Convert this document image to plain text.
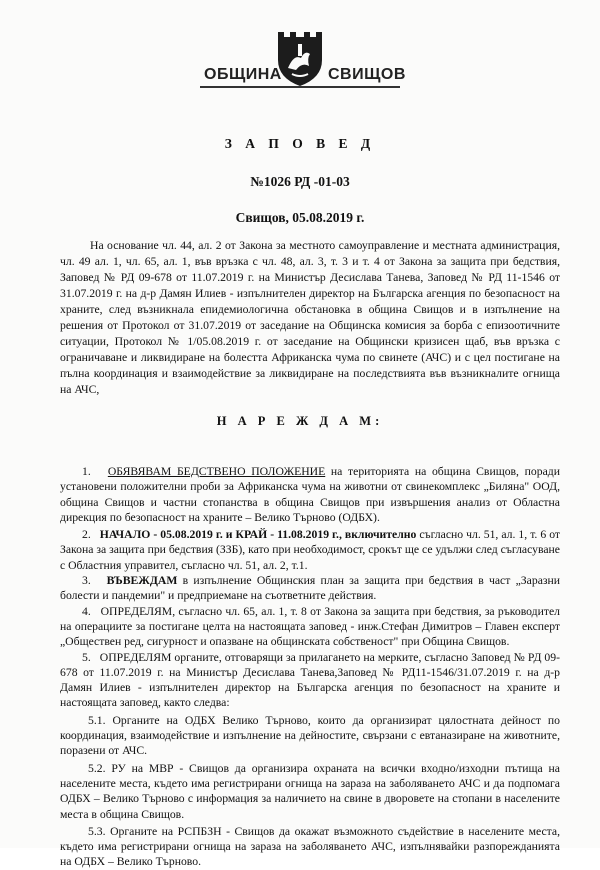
ОБЩИНА	СВИЩОВ
З А П О В Е Д
№1026 РД -01-03
Свищов, 05.08.2019 г.
На основание чл. 44, ал. 2 от Закона за местното самоуправление и местната администрация, чл. 49 ал. 1, чл. 65, ал. 1, във връзка с чл. 48, ал. 3, т. 3 и т. 4 от Закона за защита при бедствия, Заповед № РД 09-678 от 11.07.2019 г. на Министър Десислава Танева, Заповед № РД 11-1546 от 31.07.2019 г. на д-р Дамян Илиев - изпълнителен директор на Българска агенция по безопасност на храните, след възникнала епидемиологична обстановка в община Свищов и в изпълнение на решения от Протокол от 31.07.2019 от заседание на Общинска комисия за борба с епизоотичните ситуации, Протокол № 1/05.08.2019 г. от заседание на Общински кризисен щаб, във връзка с ограничаване и ликвидиране на болестта Африканска чума по свинете (АЧС) и с цел постигане на пълна координация и взаимодействие за ликвидиране на последствията във възникналите огнища на АЧС,
Н А Р Е Ж Д А М:

1. ОБЯВЯВАМ БЕДСТВЕНО ПОЛОЖЕНИЕ на територията на община Свищов, поради установени положителни проби за Африканска чума на животни от свинекомплекс „Биляна" ООД, община Свищов и частни стопанства в община Свищов при извършения анализ от Областна дирекция по безопасност на храните – Велико Търново (ОДБХ).

2. НАЧАЛО - 05.08.2019 г. и КРАЙ - 11.08.2019 г., включително съгласно чл. 51, ал. 1, т. 6 от Закона за защита при бедствия (ЗЗБ), като при необходимост, срокът ще се удължи след съгласуване с Областния управител, съгласно чл. 51, ал. 2, т.1.

3. ВЪВЕЖДАМ в изпълнение Общинския план за защита при бедствия в част „Заразни болести и пандемии" и предприемане на съответните действия.

4. ОПРЕДЕЛЯМ, съгласно чл. 65, ал. 1, т. 8 от Закона за защита при бедствия, за ръководител на операциите за постигане целта на настоящата заповед - инж.Стефан Димитров – Главен експерт „Обществен ред, сигурност и опазване на общинската собственост" при Община Свищов.

5. ОПРЕДЕЛЯМ органите, отговарящи за прилагането на мерките, съгласно Заповед № РД 09-678 от 11.07.2019 г. на Министър Десислава Танева,Заповед № РД11-1546/31.07.2019 г. на д-р Дамян Илиев - изпълнителен директор на Българска агенция по безопасност на храните и настоящата заповед, както следва:

5.1. Органите на ОДБХ Велико Търново, които да организират цялостната дейност по координация, взаимодействие и изпълнение на дейностите, свързани с евтаназиране на животните, поразени от АЧС.

5.2. РУ на МВР - Свищов да организира охраната на всички входно/изходни пътища на населените места, където има регистрирани огнища на зараза на заболяването АЧС и да подпомага ОДБХ – Велико Търново с информация за наличието на свине в дворовете на стопани в населените места в община Свищов.

5.3. Органите на РСПБЗН - Свищов да окажат възможното съдействие в населените места, където има регистрирани огнища на зараза на заболяването АЧС, изпълнявайки разпорежданията на ОДБХ – Велико Търново.
